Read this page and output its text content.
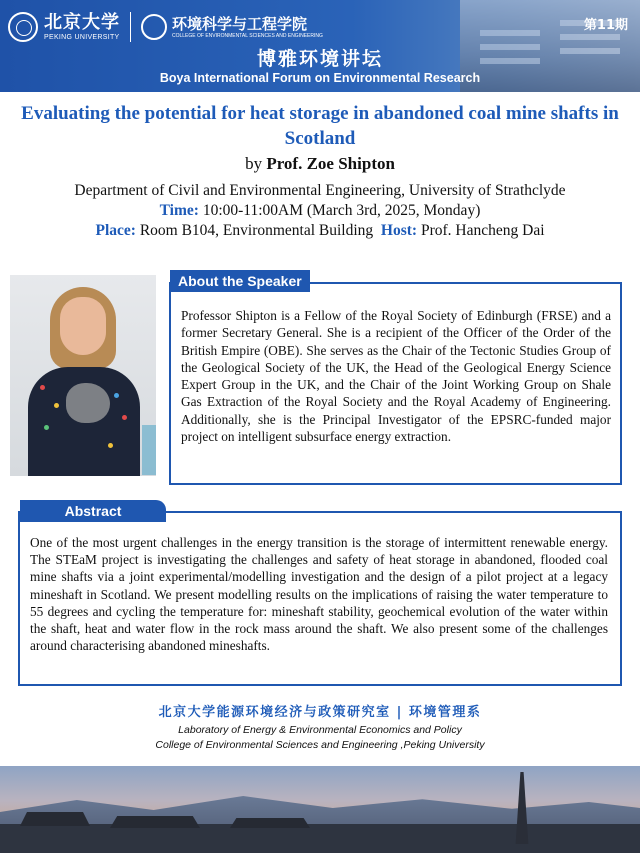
北京大学
PEKING UNIVERSITY
环境科学与工程学院
COLLEGE OF ENVIRONMENTAL SCIENCES AND ENGINEERING
第11期
博雅环境讲坛
Boya International Forum on Environmental Research
Evaluating the potential for heat storage in abandoned coal mine shafts in Scotland
by Prof. Zoe Shipton
Department of Civil and Environmental Engineering, University of Strathclyde
Time: 10:00-11:00AM (March 3rd, 2025, Monday)
Place: Room B104, Environmental Building Host: Prof. Hancheng Dai
About the Speaker
Professor Shipton is a Fellow of the Royal Society of Edinburgh (FRSE) and a former Secretary General. She is a recipient of the Officer of the Order of the British Empire (OBE). She serves as the Chair of the Tectonic Studies Group of the Geological Society of the UK, the Head of the Geological Energy Science Expert Group in the UK, and the Chair of the Joint Working Group on Shale Gas Extraction of the Royal Society and the Royal Academy of Engineering. Additionally, she is the Principal Investigator of the EPSRC-funded major project on intelligent subsurface energy extraction.
Abstract
One of the most urgent challenges in the energy transition is the storage of intermittent renewable energy. The STEaM project is investigating the challenges and safety of heat storage in abandoned, flooded coal mine shafts via a joint experimental/modelling investigation and the design of a pilot project at a legacy mineshaft in Scotland. We present modelling results on the implications of raising the water temperature to 55 degrees and cycling the temperature for: mineshaft stability, geochemical evolution of the water within the shaft, heat and water flow in the rock mass around the shaft. We also present some of the challenges around characterising abandoned mineshafts.
北京大学能源环境经济与政策研究室 | 环境管理系
Laboratory of Energy & Environmental Economics and Policy
College of Environmental Sciences and Engineering ,Peking University
